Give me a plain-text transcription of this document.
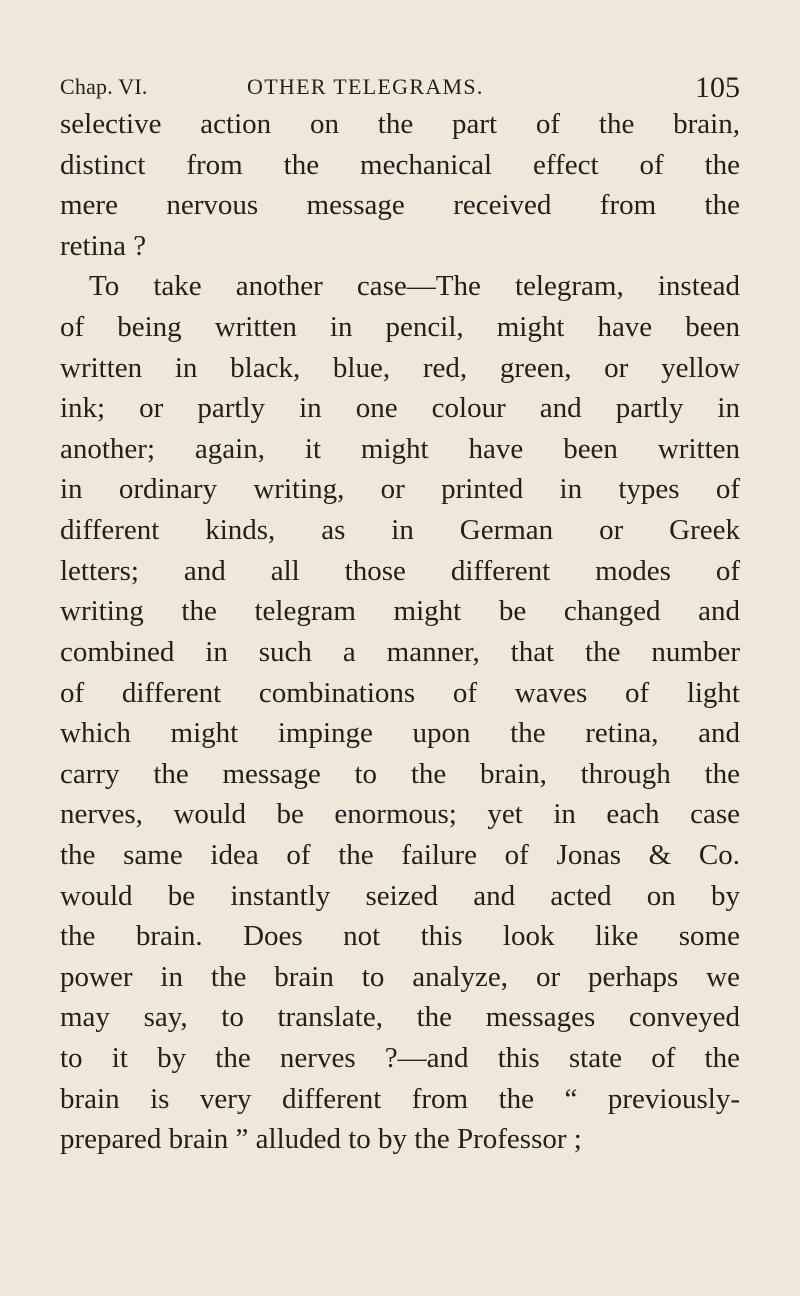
Chap. VI.	OTHER TELEGRAMS.	105
selective action on the part of the brain,
distinct from the mechanical effect of the
mere nervous message received from the
retina ?
To take another case—The telegram, instead
of being written in pencil, might have been
written in black, blue, red, green, or yellow
ink; or partly in one colour and partly in
another; again, it might have been written
in ordinary writing, or printed in types of
different kinds, as in German or Greek
letters; and all those different modes of
writing the telegram might be changed and
combined in such a manner, that the number
of different combinations of waves of light
which might impinge upon the retina, and
carry the message to the brain, through the
nerves, would be enormous; yet in each case
the same idea of the failure of Jonas & Co.
would be instantly seized and acted on by
the brain. Does not this look like some
power in the brain to analyze, or perhaps we
may say, to translate, the messages conveyed
to it by the nerves ?—and this state of the
brain is very different from the “ previously-
prepared brain ” alluded to by the Professor ;
